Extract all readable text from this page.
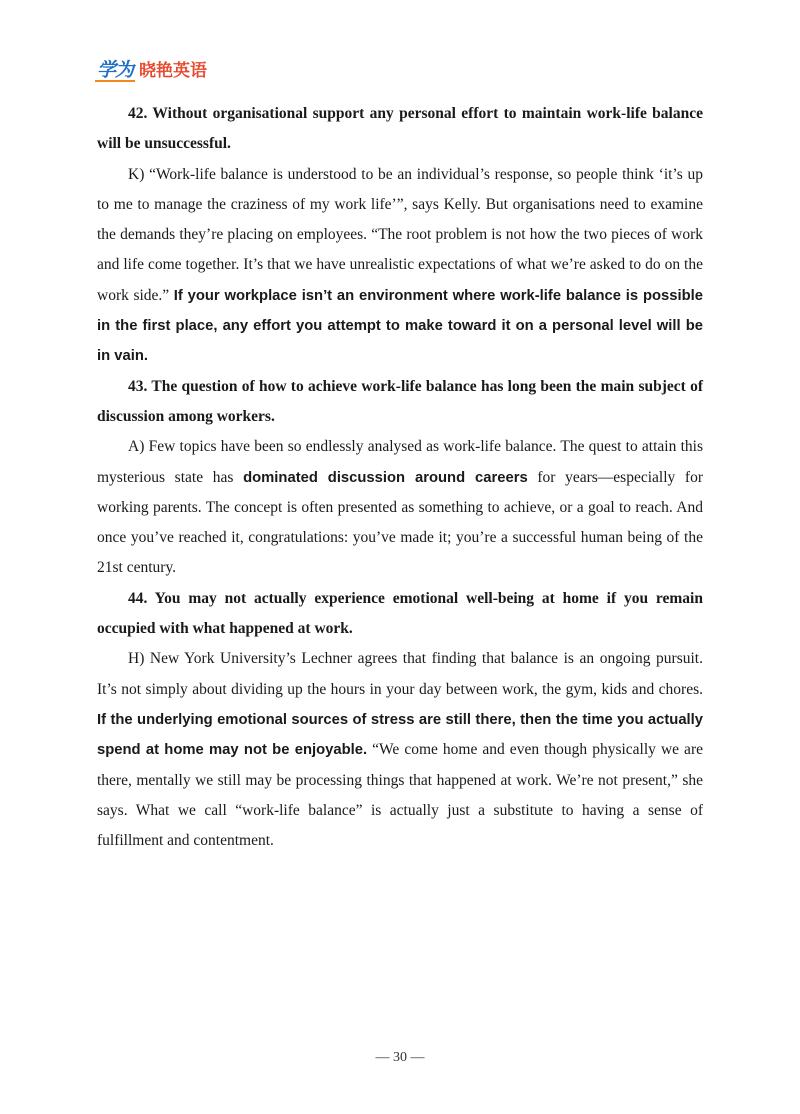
学为 晓艳英语

42. Without organisational support any personal effort to maintain work-life balance will be unsuccessful.

K) “Work-life balance is understood to be an individual’s response, so people think ‘it’s up to me to manage the craziness of my work life’”, says Kelly. But organisations need to examine the demands they’re placing on employees. “The root problem is not how the two pieces of work and life come together. It’s that we have unrealistic expectations of what we’re asked to do on the work side.” If your workplace isn’t an environment where work-life balance is possible in the first place, any effort you attempt to make toward it on a personal level will be in vain.

43. The question of how to achieve work-life balance has long been the main subject of discussion among workers.

A) Few topics have been so endlessly analysed as work-life balance. The quest to attain this mysterious state has dominated discussion around careers for years—especially for working parents. The concept is often presented as something to achieve, or a goal to reach. And once you’ve reached it, congratulations: you’ve made it; you’re a successful human being of the 21st century.

44. You may not actually experience emotional well-being at home if you remain occupied with what happened at work.

H) New York University’s Lechner agrees that finding that balance is an ongoing pursuit. It’s not simply about dividing up the hours in your day between work, the gym, kids and chores. If the underlying emotional sources of stress are still there, then the time you actually spend at home may not be enjoyable. “We come home and even though physically we are there, mentally we still may be processing things that happened at work. We’re not present,” she says. What we call “work-life balance” is actually just a substitute to having a sense of fulfillment and contentment.

— 30 —
